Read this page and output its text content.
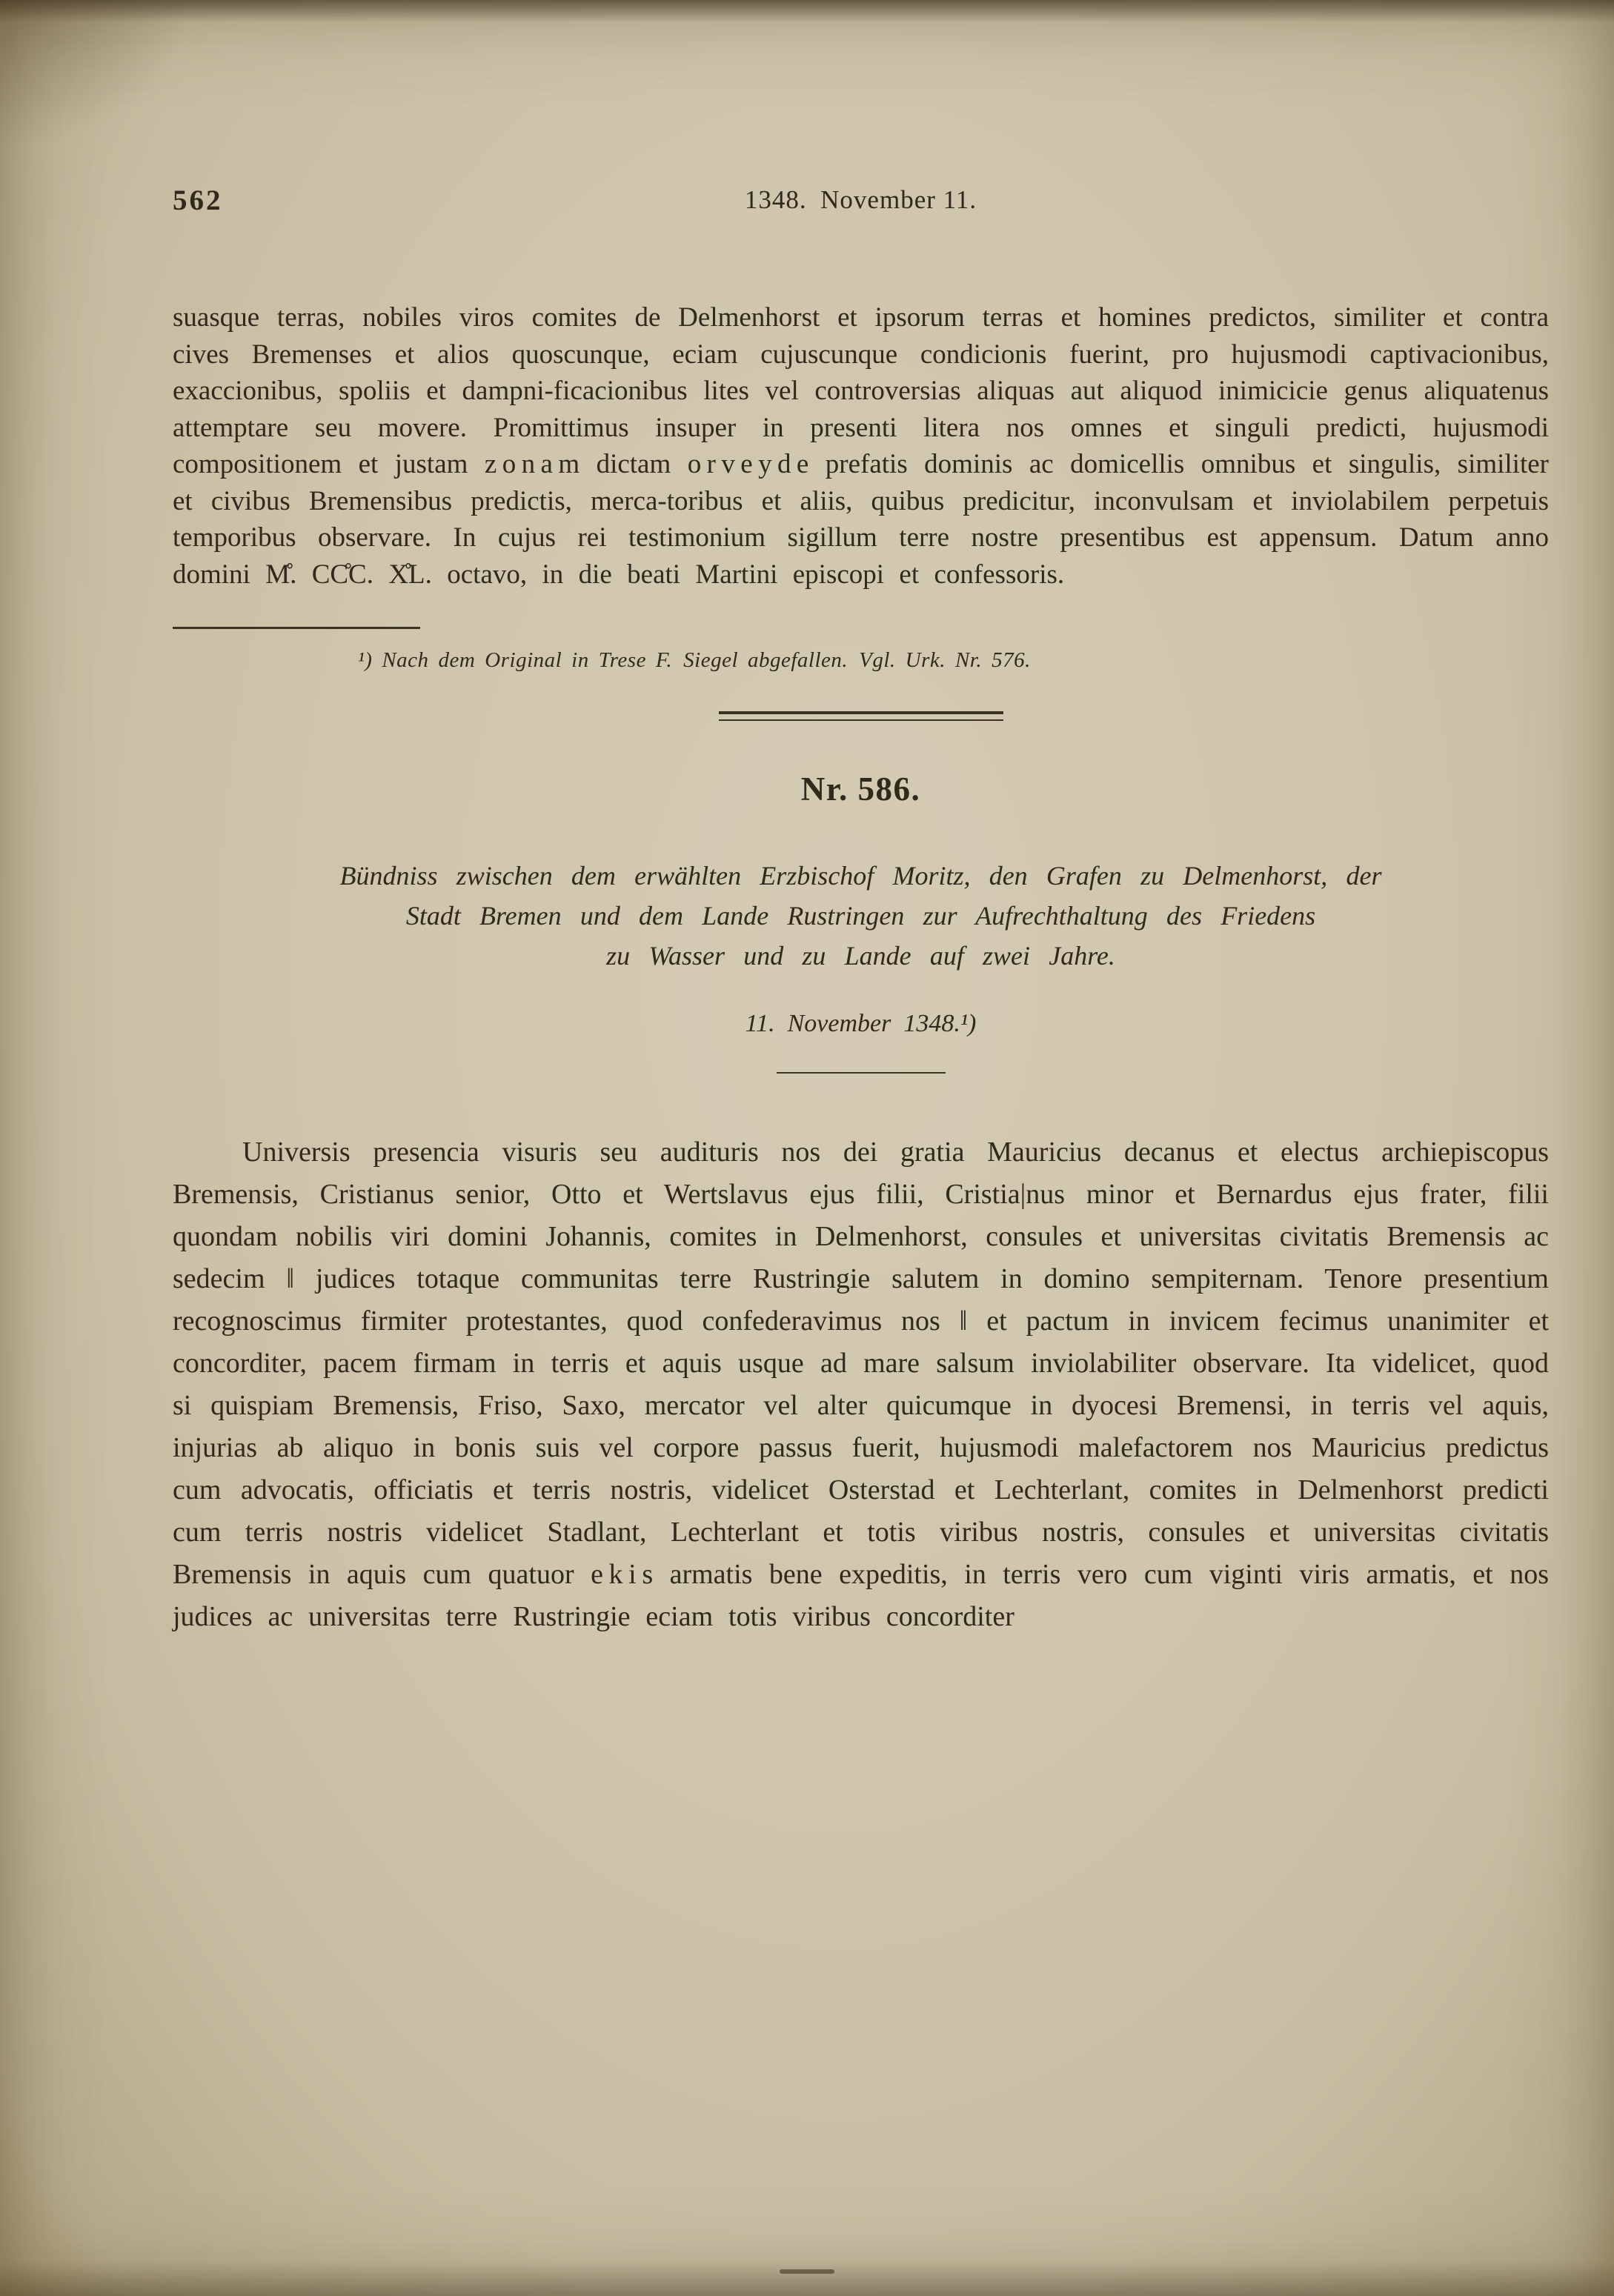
562	1348. November 11.

suasque terras, nobiles viros comites de Delmenhorst et ipsorum terras et homines predictos, similiter et contra cives Bremenses et alios quoscunque, eciam cujuscunque condicionis fuerint, pro hujusmodi captivacionibus, exaccionibus, spoliis et dampni-ficacionibus lites vel controversias aliquas aut aliquod inimicicie genus aliquatenus attemptare seu movere. Promittimus insuper in presenti litera nos omnes et singuli predicti, hujusmodi compositionem et justam z o n a m dictam o r v e y d e prefatis dominis ac domicellis omnibus et singulis, similiter et civibus Bremensibus predictis, merca-toribus et aliis, quibus predicitur, inconvulsam et inviolabilem perpetuis temporibus observare. In cujus rei testimonium sigillum terre nostre presentibus est appensum. Datum anno domini M̊. CC̊C. X̊L. octavo, in die beati Martini episcopi et confessoris.

¹) Nach dem Original in Trese F. Siegel abgefallen. Vgl. Urk. Nr. 576.
Nr. 586.
Bündniss zwischen dem erwählten Erzbischof Moritz, den Grafen zu Delmenhorst, der
Stadt Bremen und dem Lande Rustringen zur Aufrechthaltung des Friedens
zu Wasser und zu Lande auf zwei Jahre.
11. November 1348.¹)

Universis presencia visuris seu audituris nos dei gratia Mauricius decanus et electus archiepiscopus Bremensis, Cristianus senior, Otto et Wertslavus ejus filii, Cristia|nus minor et Bernardus ejus frater, filii quondam nobilis viri domini Johannis, comites in Delmenhorst, consules et universitas civitatis Bremensis ac sedecim ‖ judices totaque communitas terre Rustringie salutem in domino sempiternam. Tenore presentium recognoscimus firmiter protestantes, quod confederavimus nos ‖ et pactum in invicem fecimus unanimiter et concorditer, pacem firmam in terris et aquis usque ad mare salsum inviolabiliter observare. Ita videlicet, quod si quispiam Bremensis, Friso, Saxo, mercator vel alter quicumque in dyocesi Bremensi, in terris vel aquis, injurias ab aliquo in bonis suis vel corpore passus fuerit, hujusmodi malefactorem nos Mauricius predictus cum advocatis, officiatis et terris nostris, videlicet Osterstad et Lechterlant, comites in Delmenhorst predicti cum terris nostris videlicet Stadlant, Lechterlant et totis viribus nostris, consules et universitas civitatis Bremensis in aquis cum quatuor e k i s armatis bene expeditis, in terris vero cum viginti viris armatis, et nos judices ac universitas terre Rustringie eciam totis viribus concorditer
